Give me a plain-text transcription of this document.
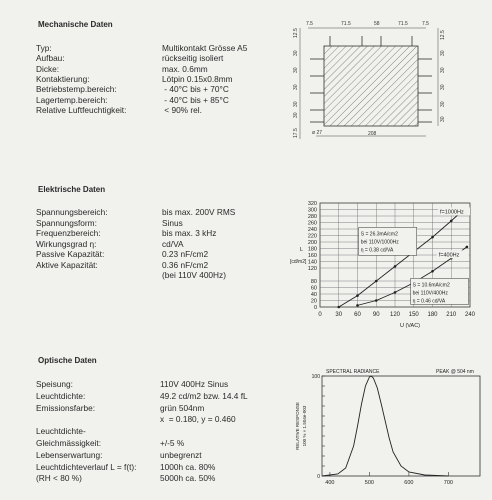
Mechanische Daten
Typ:	Multikontakt Grösse A5
Aufbau:	rückseitig isoliert
Dicke:	max. 0.6mm
Kontaktierung:	Lötpin 0.15x0.8mm
Betriebstemp.bereich:	- 40°C bis + 70°C
Lagertemp.bereich:	- 40°C bis + 85°C
Relative Luftfeuchtigkeit:	< 90% rel.
7.5	71.5	58	71.5	7.5
ø 27	208
12.5
30
30
30
30
30
17.5
12.5
30
30
30
30
30
Elektrische Daten
Spannungsbereich:	bis max. 200V RMS
Spannungsform:	Sinus
Frequenzbereich:	bis max. 3 kHz
Wirkungsgrad η:	cd/VA
Passive Kapazität:	0.23 nF/cm2
Aktive Kapazität:	0.36 nF/cm2
(bei 110V 400Hz)
0 30 60 90 120 150 180 210 240
0
20
40
60
80
120
140
160
180
200
220
240
260
280
300
320
U (VAC)
L
[cd/m2]
f=1000Hz
f=400Hz
S = 26.3mA/cm2
bei 110V/1000Hz
η = 0.38 cd/VA
S = 10.6mA/cm2
bei 110V/400Hz
η = 0.46 cd/VA
Optische Daten
Speisung:	110V 400Hz Sinus
Leuchtdichte:	49.2 cd/m2 bzw. 14.4 fL
Emissionsfarbe:	grün 504nm
x  = 0.180, y = 0.460
Leuchtdichte-
Gleichmässigkeit:	+/-5 %
Lebenserwartung:	unbegrenzt
Leuchtdichteverlauf L = f(t):	1000h ca. 80%
(RH < 80 %)	5000h ca. 50%
SPECTRAL RADIANCE	PEAK @ 504 nm
400	500	600	700
0
100
RELATIVE RESPONSE 100 % × 1.504e-003
